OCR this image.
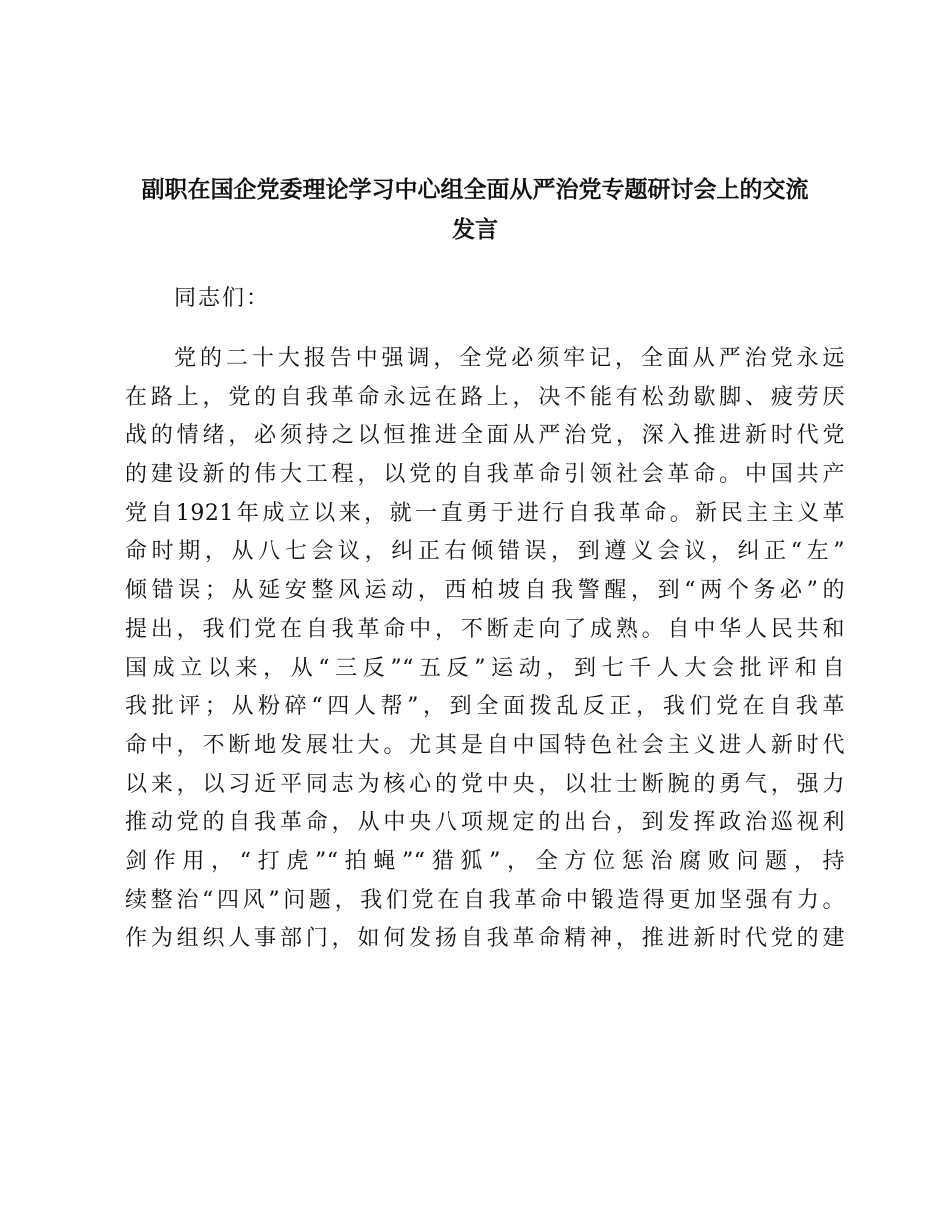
副职在国企党委理论学习中心组全面从严治党专题研讨会上的交流
发言
同志们：
党的二十大报告中强调，全党必须牢记，全面从严治党永远
在路上，党的自我革命永远在路上，决不能有松劲歇脚、疲劳厌
战的情绪，必须持之以恒推进全面从严治党，深入推进新时代党
的建设新的伟大工程，以党的自我革命引领社会革命。中国共产
党自1921年成立以来，就一直勇于进行自我革命。新民主主义革
命时期，从八七会议，纠正右倾错误，到遵义会议，纠正“左”
倾错误；从延安整风运动，西柏坡自我警醒，到“两个务必”的
提出，我们党在自我革命中，不断走向了成熟。自中华人民共和
国成立以来，从“三反”“五反”运动，到七千人大会批评和自
我批评；从粉碎“四人帮”，到全面拨乱反正，我们党在自我革
命中，不断地发展壮大。尤其是自中国特色社会主义进人新时代
以来，以习近平同志为核心的党中央，以壮士断腕的勇气，强力
推动党的自我革命，从中央八项规定的出台，到发挥政治巡视利
剑作用，“打虎”“拍蝇”“猎狐”，全方位惩治腐败问题，持
续整治“四风”问题，我们党在自我革命中锻造得更加坚强有力。
作为组织人事部门，如何发扬自我革命精神，推进新时代党的建
